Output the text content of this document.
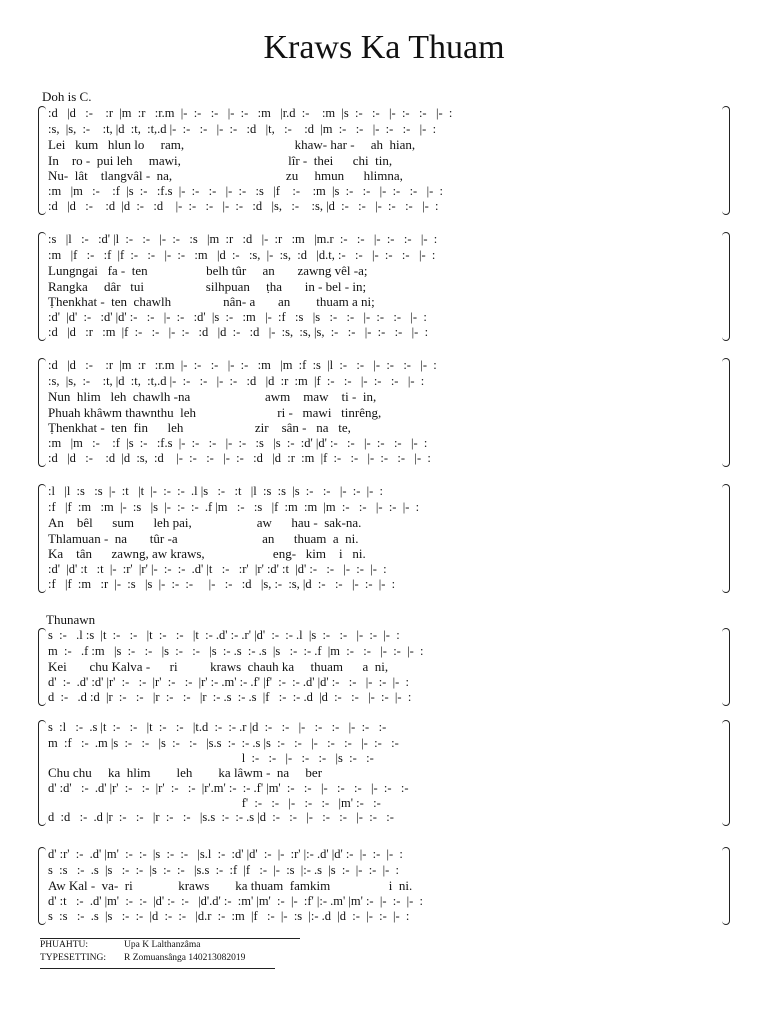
Kraws Ka Thuam
Doh is C.
:d   |d   :-    :r  |m  :r   :r.m  |-  :-   :-   |-  :-   :m   |r.d  :-    :m  |s  :-   :-   |-  :-   :-   |-  :
:s,  |s,  :-    :t, |d  :t,  :t,.d |-  :-   :-   |-  :-   :d   |t,   :-    :d  |m  :-   :-   |-  :-   :-   |-  :
Lei   kum   hlun lo     ram,                                  khaw- har -     ah  hian,
In    ro -  pui leh     mawi,                                 lîr -  thei      chi  tin,
Nu-  lât    tlangvâl -  na,                                   zu     hmun      hlimna,
:m   |m   :-    :f  |s  :-   :f.s  |-  :-   :-   |-  :-   :s   |f    :-    :m  |s  :-   :-   |-  :-   :-   |-  :
:d   |d   :-    :d  |d  :-   :d    |-  :-   :-   |-  :-   :d   |s,   :-    :s, |d  :-   :-   |-  :-   :-   |-  :
:s   |l   :-   :d' |l  :-   :-   |-  :-   :s   |m  :r   :d   |-  :r   :m   |m.r  :-   :-   |-  :-   :-   |-  :
:m   |f   :-   :f  |f  :-   :-   |-  :-   :m   |d  :-   :s,  |-  :s,  :d   |d.t, :-   :-   |-  :-   :-   |-  :
Lungngai   fa -  ten                  belh tûr     an       zawng vêl -a;
Rangka     dâr   tui                   silhpuan     ṭha       in - bel - in;
Ṭhenkhat -  ten  chawlh                nân- a       an        thuam a ni;
:d'  |d'  :-   :d' |d' :-   :-   |-  :-   :d'  |s  :-   :m   |-  :f   :s   |s   :-   :-   |-  :-   :-   |-  :
:d   |d   :r   :m  |f  :-   :-   |-  :-   :d   |d  :-   :d   |-  :s,  :s, |s,  :-   :-   |-  :-   :-   |-  :
:d   |d   :-    :r  |m  :r   :r.m  |-  :-   :-   |-  :-   :m   |m  :f  :s  |l  :-   :-   |-  :-   :-   |-  :
:s,  |s,  :-    :t, |d  :t,  :t,.d |-  :-   :-   |-  :-   :d   |d  :r  :m  |f  :-   :-   |-  :-   :-   |-  :
Nun  hlim   leh  chawlh -na                       awm    maw    ti -  in,
Phuah khâwm thawnthu  leh                         ri -   mawi   tinrêng,
Ṭhenkhat -  ten  fin      leh                      zir    sân -   na   te,
:m   |m   :-    :f  |s  :-   :f.s  |-  :-   :-   |-  :-   :s   |s  :-  :d' |d' :-   :-   |-  :-   :-   |-  :
:d   |d   :-    :d  |d  :s,  :d    |-  :-   :-   |-  :-   :d   |d  :r  :m  |f  :-   :-   |-  :-   :-   |-  :
:l   |l  :s   :s  |-  :t   |t  |-  :-  :-  .l |s   :-   :t   |l  :s  :s  |s  :-   :-   |-  :-  |-  :
:f   |f  :m   :m  |-  :s   |s  |-  :-  :-  .f |m   :-   :s   |f  :m  :m  |m  :-   :-   |-  :-  |-  :
An    bêl      sum      leh pai,                    aw      hau -  sak-na.
Thlamuan -  na       tûr -a                          an      thuam  a  ni.
Ka    tân      zawng, aw kraws,                     eng-   kim    i   ni.
:d'  |d' :t   :t  |-  :r'  |r' |-  :-  :-  .d' |t   :-   :r'  |r' :d' :t  |d' :-   :-   |-  :-  |-  :
:f   |f  :m   :r  |-  :s   |s  |-  :-  :-     |-   :-   :d   |s, :-  :s, |d  :-   :-   |-  :-  |-  :
Thunawn
s  :-   .l :s  |t  :-   :-   |t  :-   :-   |t  :- .d' :- .r' |d'  :-  :- .l  |s  :-   :-   |-  :-  |-  :
m  :-   .f :m   |s  :-   :-   |s  :-   :-   |s  :- .s  :- .s  |s   :-  :- .f  |m  :-   :-   |-  :-  |-  :
Kei       chu Kalva -      ri          kraws  chauh ka     thuam      a  ni,
d'  :-  .d' :d' |r'  :-   :-  |r'  :-   :-  |r' :- .m' :- .f' |f'  :-  :- .d' |d' :-   :-   |-  :-  |-  :
d  :-   .d :d  |r  :-   :-   |r  :-   :-   |r  :- .s  :- .s  |f   :-  :- .d  |d  :-   :-   |-  :-  |-  :
s  :l   :-  .s |t  :-   :-   |t  :-   :-   |t.d  :-  :- .r |d  :-   :-   |-   :-   :-   |-  :-   :-
m  :f   :-  .m |s  :-   :-   |s  :-   :-   |s.s  :-  :- .s |s  :-   :-   |-   :-   :-   |-  :-   :-
l  :-   :-   |-   :-   :-   |s  :-   :-
Chu chu     ka  hlim        leh        ka lâwm -  na     ber
d' :d'   :-  .d' |r'  :-   :-  |r'  :-   :-  |r'.m' :-  :- .f' |m'  :-   :-   |-   :-   :-   |-  :-   :-
f'  :-   :-   |-   :-   :-   |m' :-   :-
d  :d   :-  .d |r  :-   :-   |r  :-   :-   |s.s  :-  :- .s |d  :-   :-   |-   :-   :-   |-  :-   :-
d' :r'  :-  .d' |m'  :-  :-  |s  :-  :-   |s.l  :-  :d' |d'  :-  |-  :r' |:- .d' |d' :-  |-  :-  |-  :
s  :s   :-  .s  |s   :-  :-  |s  :-  :-   |s.s  :-  :f  |f   :-  |-  :s  |:- .s  |s  :-  |-  :-  |-  :
Aw Kal -  va-  ri              kraws        ka thuam  famkim                  i  ni.
d' :t   :-  .d' |m'  :-  :-  |d' :-  :-   |d'.d' :-  :m' |m'  :-  |-  :f' |:- .m' |m' :-  |-  :-  |-  :
s  :s   :-  .s  |s   :-  :-  |d  :-  :-   |d.r  :-  :m  |f   :-  |-  :s  |:- .d  |d  :-  |-  :-  |-  :
PHUAHTU:	Upa K Lalthanzâma
TYPESETTING:	R Zomuansânga 140213082019
